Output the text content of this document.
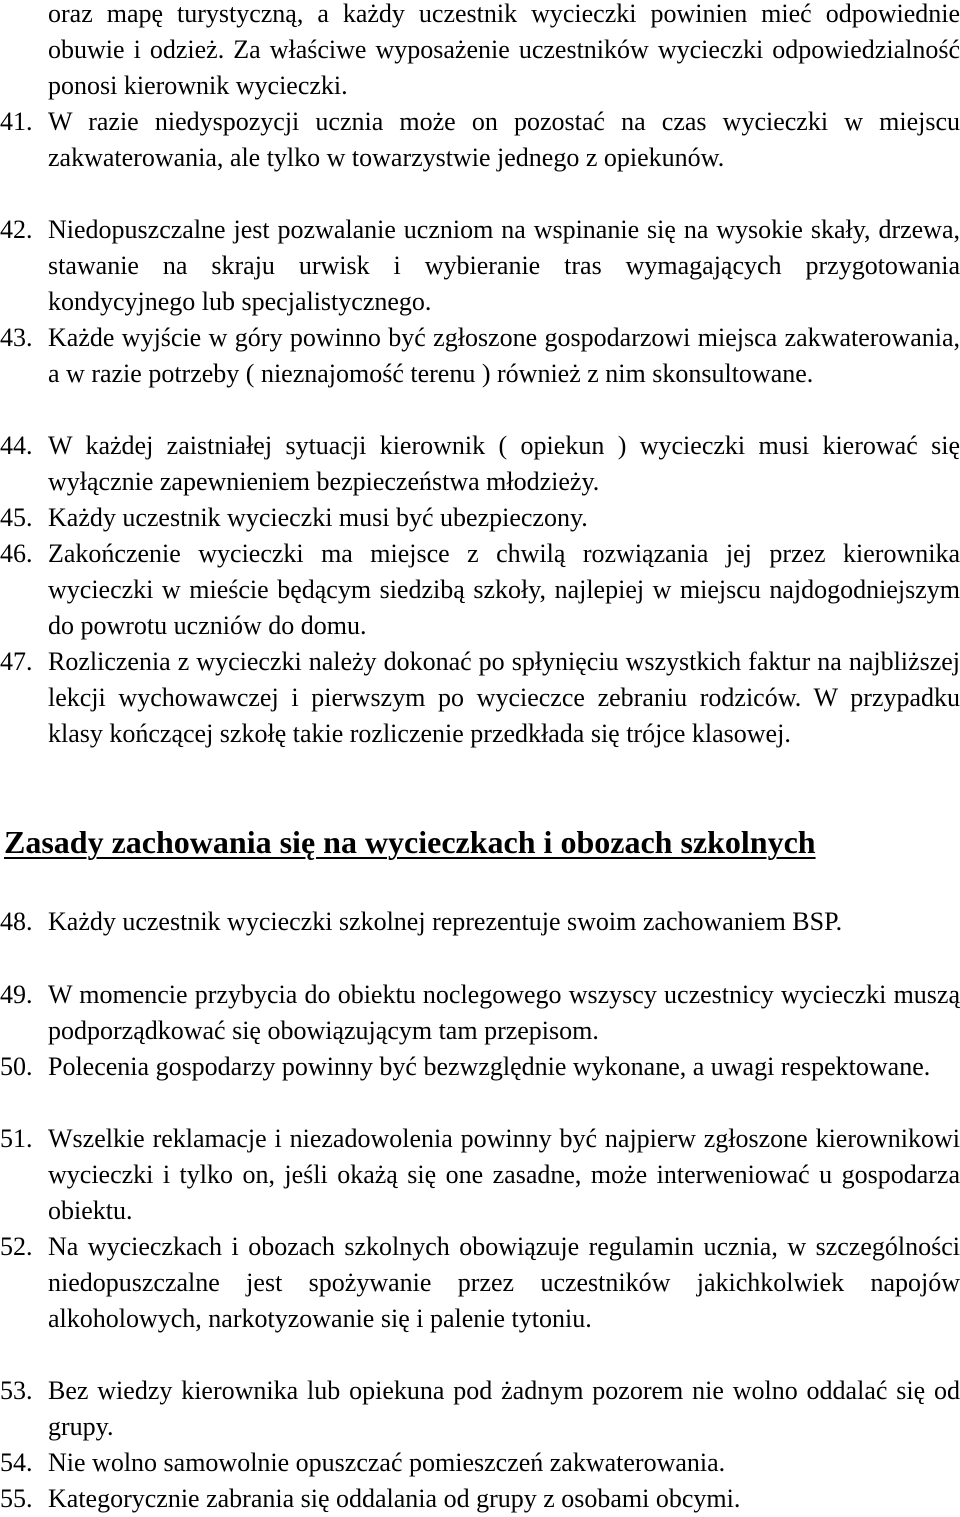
oraz mapę turystyczną, a każdy uczestnik wycieczki powinien mieć odpowiednie obuwie i odzież. Za właściwe wyposażenie uczestników wycieczki odpowiedzialność ponosi kierownik wycieczki.
41. W razie niedyspozycji ucznia może on pozostać na czas wycieczki w miejscu zakwaterowania, ale tylko w towarzystwie jednego z opiekunów.
42. Niedopuszczalne jest pozwalanie uczniom na wspinanie się na wysokie skały, drzewa, stawanie na skraju urwisk i wybieranie tras wymagających przygotowania kondycyjnego lub specjalistycznego.
43. Każde wyjście w góry powinno być zgłoszone gospodarzowi miejsca zakwaterowania, a w razie potrzeby ( nieznajomość terenu ) również z nim skonsultowane.
44. W każdej zaistniałej sytuacji kierownik ( opiekun ) wycieczki musi kierować się wyłącznie zapewnieniem bezpieczeństwa młodzieży.
45. Każdy uczestnik wycieczki musi być ubezpieczony.
46. Zakończenie wycieczki ma miejsce z chwilą rozwiązania jej przez kierownika wycieczki w mieście będącym siedzibą szkoły, najlepiej w miejscu najdogodniejszym do powrotu uczniów do domu.
47. Rozliczenia z wycieczki należy dokonać po spłynięciu wszystkich faktur na najbliższej lekcji wychowawczej i pierwszym po wycieczce zebraniu rodziców. W przypadku klasy kończącej szkołę takie rozliczenie przedkłada się trójce klasowej.
Zasady zachowania się na wycieczkach i obozach szkolnych
48. Każdy uczestnik wycieczki szkolnej reprezentuje swoim zachowaniem BSP.
49. W momencie przybycia do obiektu noclegowego wszyscy uczestnicy wycieczki muszą podporządkować się obowiązującym tam przepisom.
50. Polecenia gospodarzy powinny być bezwzględnie wykonane, a uwagi respektowane.
51. Wszelkie reklamacje i niezadowolenia powinny być najpierw zgłoszone kierownikowi wycieczki i tylko on, jeśli okażą się one zasadne, może interweniować u gospodarza obiektu.
52. Na wycieczkach i obozach szkolnych obowiązuje regulamin ucznia, w szczególności niedopuszczalne jest spożywanie przez uczestników jakichkolwiek napojów alkoholowych, narkotyzowanie się i palenie tytoniu.
53. Bez wiedzy kierownika lub opiekuna pod żadnym pozorem nie wolno oddalać się od grupy.
54. Nie wolno samowolnie opuszczać pomieszczeń zakwaterowania.
55. Kategorycznie zabrania się oddalania od grupy z osobami obcymi.
